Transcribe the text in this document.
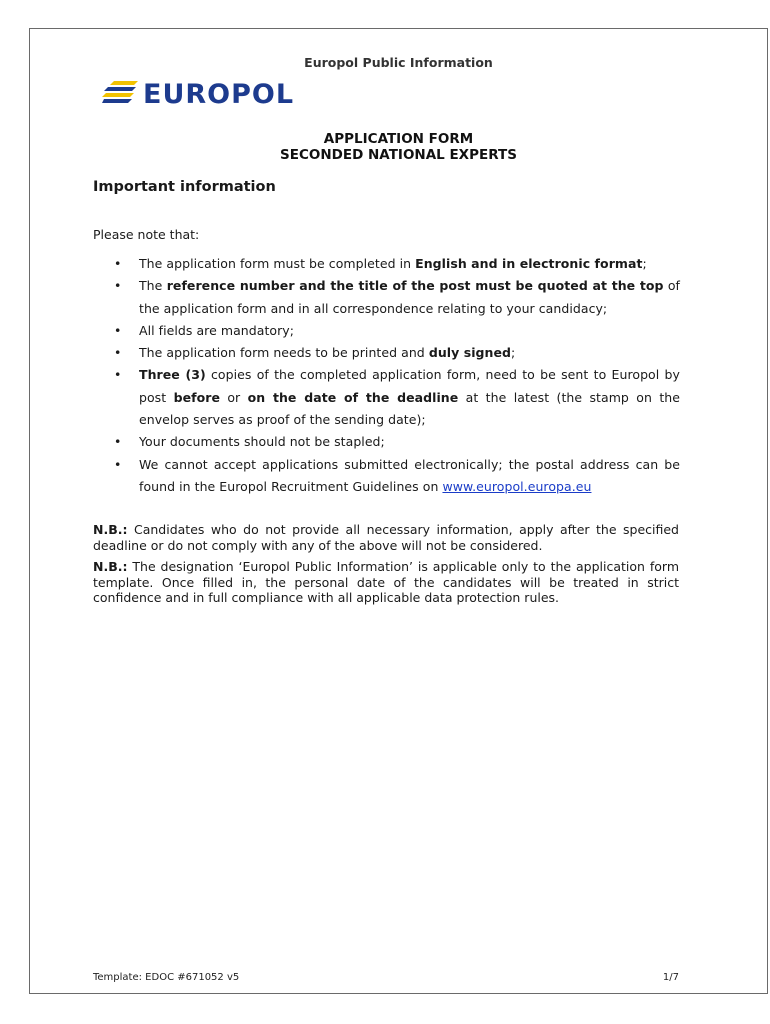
Europol Public Information
EUROPOL
APPLICATION FORM
SECONDED NATIONAL EXPERTS
Important information
Please note that:
• The application form must be completed in English and in electronic format;
• The reference number and the title of the post must be quoted at the top of the application form and in all correspondence relating to your candidacy;
• All fields are mandatory;
• The application form needs to be printed and duly signed;
• Three (3) copies of the completed application form, need to be sent to Europol by post before or on the date of the deadline at the latest (the stamp on the envelop serves as proof of the sending date);
• Your documents should not be stapled;
• We cannot accept applications submitted electronically; the postal address can be found in the Europol Recruitment Guidelines on www.europol.europa.eu
N.B.: Candidates who do not provide all necessary information, apply after the specified deadline or do not comply with any of the above will not be considered.
N.B.: The designation ‘Europol Public Information’ is applicable only to the application form template. Once filled in, the personal date of the candidates will be treated in strict confidence and in full compliance with all applicable data protection rules.
Template: EDOC #671052 v5	1/7
